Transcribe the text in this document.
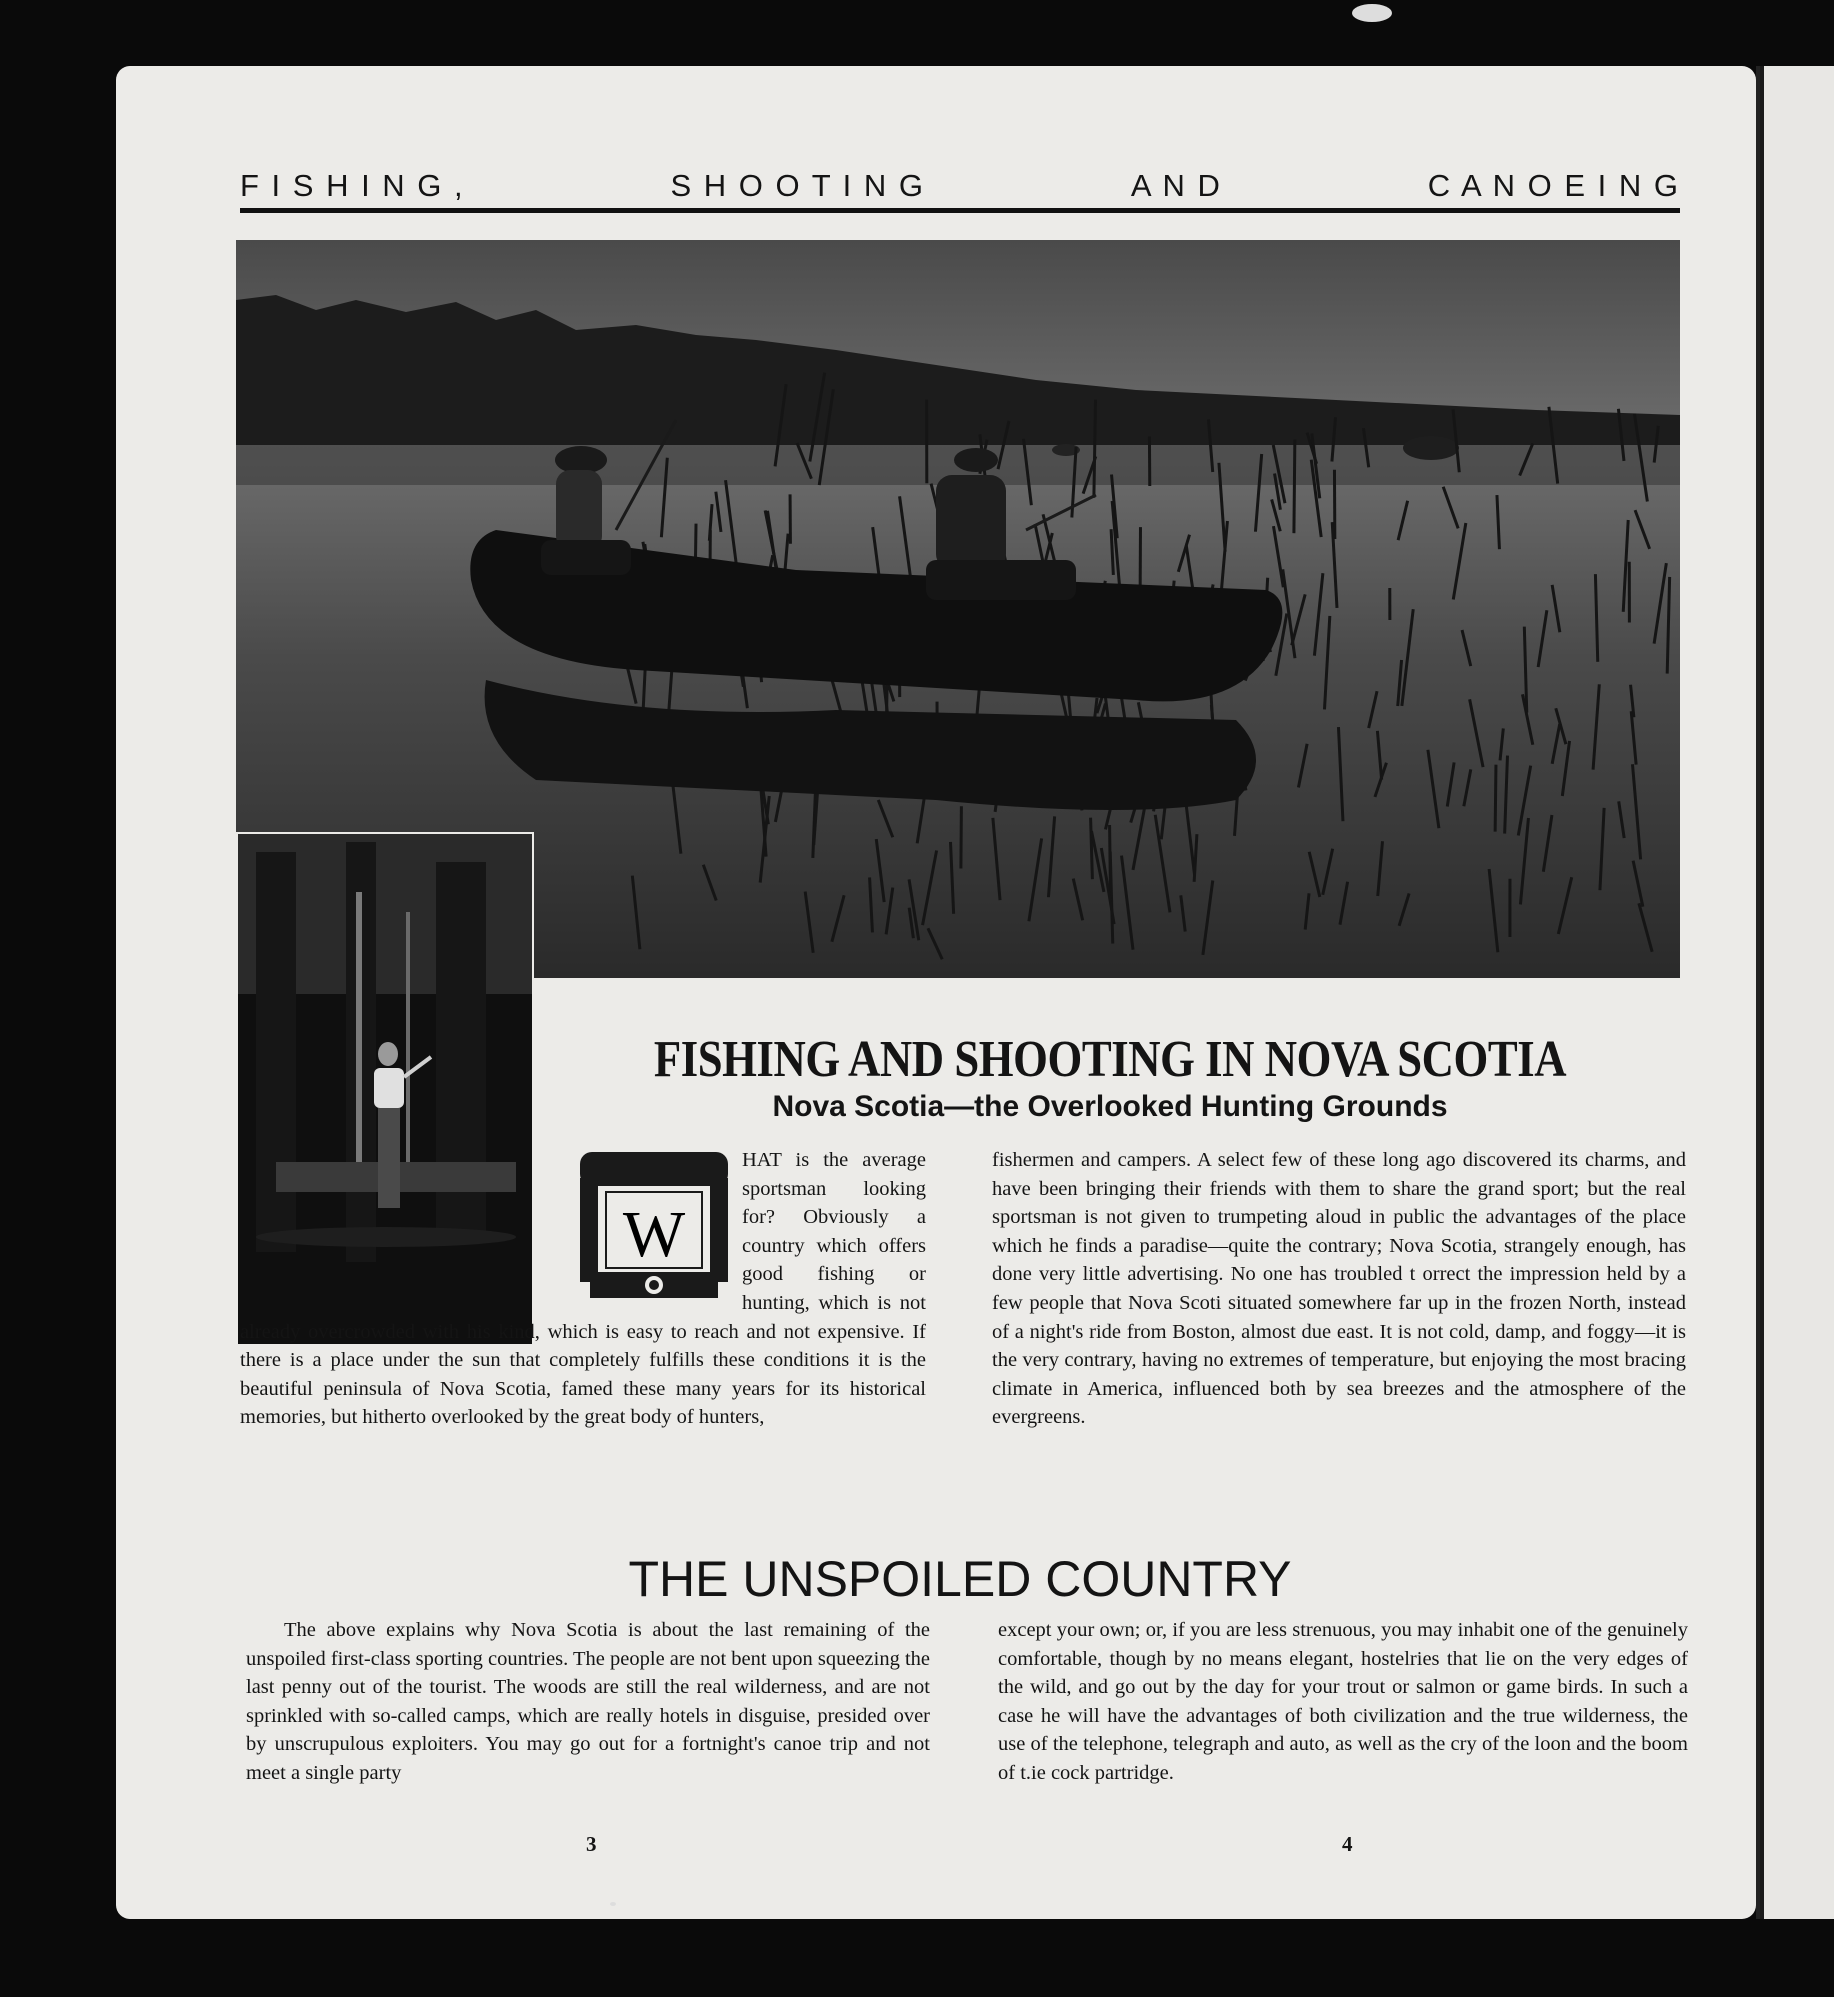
F I S H I N G ,	S H O O T I N G	A N D	C A N O E I N G
FISHING AND SHOOTING IN NOVA SCOTIA
Nova Scotia—the Overlooked Hunting Grounds
W
HAT is the average sportsman looking for? Obviously a country which offers good fishing or hunting, which is not already overcrowded with his kind, which is easy to reach and not expensive. If there is a place under the sun that completely fulfills these conditions it is the beautiful peninsula of Nova Scotia, famed these many years for its historical memories, but hitherto overlooked by the great body of hunters,
fishermen and campers. A select few of these long ago discovered its charms, and have been bringing their friends with them to share the grand sport; but the real sportsman is not given to trumpeting aloud in public the advantages of the place which he finds a paradise—quite the contrary; Nova Scotia, strangely enough, has done very little advertising. No one has troubled t orrect the impression held by a few people that Nova Scoti situated somewhere far up in the frozen North, instead of a night's ride from Boston, almost due east. It is not cold, damp, and foggy—it is the very contrary, having no extremes of temperature, but enjoying the most bracing climate in America, influenced both by sea breezes and the atmosphere of the evergreens.
THE UNSPOILED COUNTRY
The above explains why Nova Scotia is about the last remaining of the unspoiled first-class sporting countries. The people are not bent upon squeezing the last penny out of the tourist. The woods are still the real wilderness, and are not sprinkled with so-called camps, which are really hotels in disguise, presided over by unscrupulous exploiters. You may go out for a fortnight's canoe trip and not meet a single party
except your own; or, if you are less strenuous, you may inhabit one of the genuinely comfortable, though by no means elegant, hostelries that lie on the very edges of the wild, and go out by the day for your trout or salmon or game birds. In such a case he will have the advantages of both civilization and the true wilderness, the use of the telephone, telegraph and auto, as well as the cry of the loon and the boom of t.ie cock partridge.
3	4
